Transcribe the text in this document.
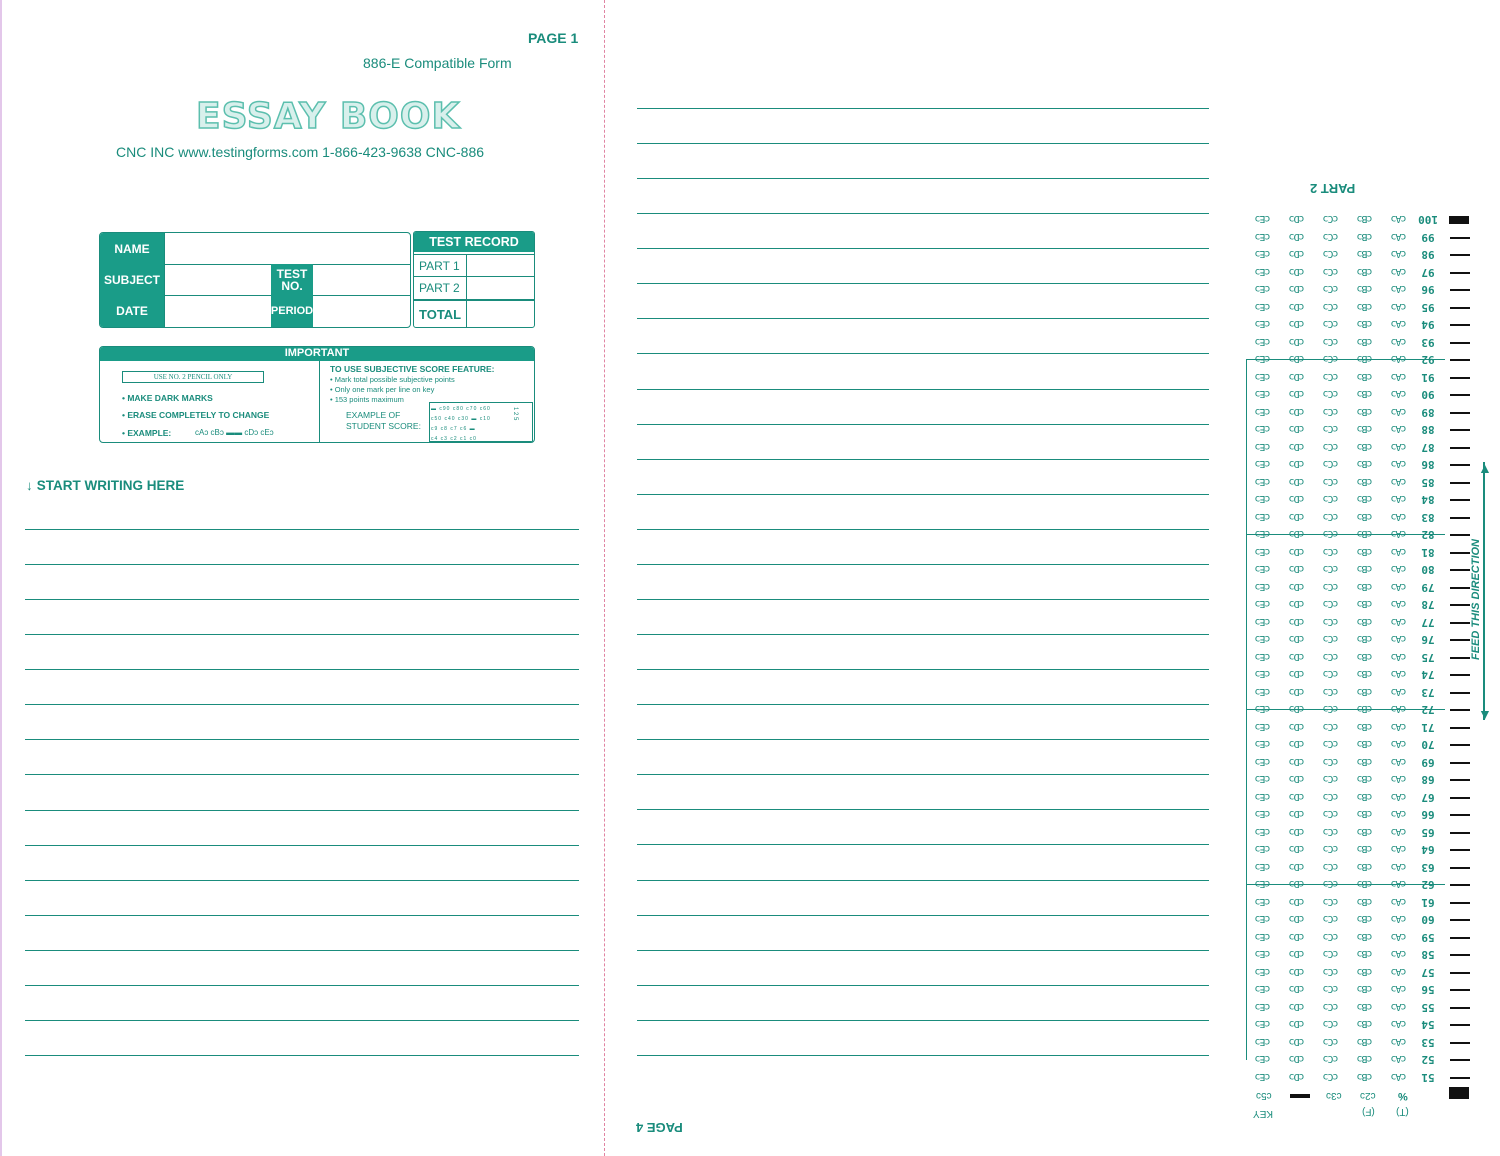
PAGE 1
886-E Compatible Form
ESSAY BOOK
CNC INC www.testingforms.com 1-866-423-9638 CNC-886
NAME
SUBJECT	TEST NO.
DATE	PERIOD
TEST RECORD
PART 1
PART 2
TOTAL
IMPORTANT
USE NO. 2 PENCIL ONLY
• MAKE DARK MARKS
• ERASE COMPLETELY TO CHANGE
• EXAMPLE:	cAɔ cBɔ ▬▬ cDɔ cEɔ
TO USE SUBJECTIVE SCORE FEATURE:
• Mark total possible subjective points
• Only one mark per line on key
• 153 points maximum
EXAMPLE OF
STUDENT SCORE:
▬ c90 c80 c70 c60
c50 c40 c30 ▬ c10
c9 c8 c7 c6 ▬
c4 c3 c2 c1 c0
1 2 5
↓ START WRITING HERE
PART 2
cEɔ	cDɔ	cCɔ	cBɔ	cAɔ	100
cEɔ	cDɔ	cCɔ	cBɔ	cAɔ	99
cEɔ	cDɔ	cCɔ	cBɔ	cAɔ	98
cEɔ	cDɔ	cCɔ	cBɔ	cAɔ	97
cEɔ	cDɔ	cCɔ	cBɔ	cAɔ	96
cEɔ	cDɔ	cCɔ	cBɔ	cAɔ	95
cEɔ	cDɔ	cCɔ	cBɔ	cAɔ	94
cEɔ	cDɔ	cCɔ	cBɔ	cAɔ	93
cEɔ	cDɔ	cCɔ	cBɔ	cAɔ	92
cEɔ	cDɔ	cCɔ	cBɔ	cAɔ	91
cEɔ	cDɔ	cCɔ	cBɔ	cAɔ	90
cEɔ	cDɔ	cCɔ	cBɔ	cAɔ	89
cEɔ	cDɔ	cCɔ	cBɔ	cAɔ	88
cEɔ	cDɔ	cCɔ	cBɔ	cAɔ	87
cEɔ	cDɔ	cCɔ	cBɔ	cAɔ	86
cEɔ	cDɔ	cCɔ	cBɔ	cAɔ	85
cEɔ	cDɔ	cCɔ	cBɔ	cAɔ	84
cEɔ	cDɔ	cCɔ	cBɔ	cAɔ	83
cEɔ	cDɔ	cCɔ	cBɔ	cAɔ	82
cEɔ	cDɔ	cCɔ	cBɔ	cAɔ	81
cEɔ	cDɔ	cCɔ	cBɔ	cAɔ	80
cEɔ	cDɔ	cCɔ	cBɔ	cAɔ	79
cEɔ	cDɔ	cCɔ	cBɔ	cAɔ	78
cEɔ	cDɔ	cCɔ	cBɔ	cAɔ	77
cEɔ	cDɔ	cCɔ	cBɔ	cAɔ	76
cEɔ	cDɔ	cCɔ	cBɔ	cAɔ	75
cEɔ	cDɔ	cCɔ	cBɔ	cAɔ	74
cEɔ	cDɔ	cCɔ	cBɔ	cAɔ	73
cEɔ	cDɔ	cCɔ	cBɔ	cAɔ	72
cEɔ	cDɔ	cCɔ	cBɔ	cAɔ	71
cEɔ	cDɔ	cCɔ	cBɔ	cAɔ	70
cEɔ	cDɔ	cCɔ	cBɔ	cAɔ	69
cEɔ	cDɔ	cCɔ	cBɔ	cAɔ	68
cEɔ	cDɔ	cCɔ	cBɔ	cAɔ	67
cEɔ	cDɔ	cCɔ	cBɔ	cAɔ	66
cEɔ	cDɔ	cCɔ	cBɔ	cAɔ	65
cEɔ	cDɔ	cCɔ	cBɔ	cAɔ	64
cEɔ	cDɔ	cCɔ	cBɔ	cAɔ	63
cEɔ	cDɔ	cCɔ	cBɔ	cAɔ	62
cEɔ	cDɔ	cCɔ	cBɔ	cAɔ	61
cEɔ	cDɔ	cCɔ	cBɔ	cAɔ	60
cEɔ	cDɔ	cCɔ	cBɔ	cAɔ	59
cEɔ	cDɔ	cCɔ	cBɔ	cAɔ	58
cEɔ	cDɔ	cCɔ	cBɔ	cAɔ	57
cEɔ	cDɔ	cCɔ	cBɔ	cAɔ	56
cEɔ	cDɔ	cCɔ	cBɔ	cAɔ	55
cEɔ	cDɔ	cCɔ	cBɔ	cAɔ	54
cEɔ	cDɔ	cCɔ	cBɔ	cAɔ	53
cEɔ	cDɔ	cCɔ	cBɔ	cAɔ	52
cEɔ	cDɔ	cCɔ	cBɔ	cAɔ	51
FEED THIS DIRECTION
▲
▼
c5ɔ	c3ɔ c2ɔ %
(F) (T)
KEY
PAGE 4
